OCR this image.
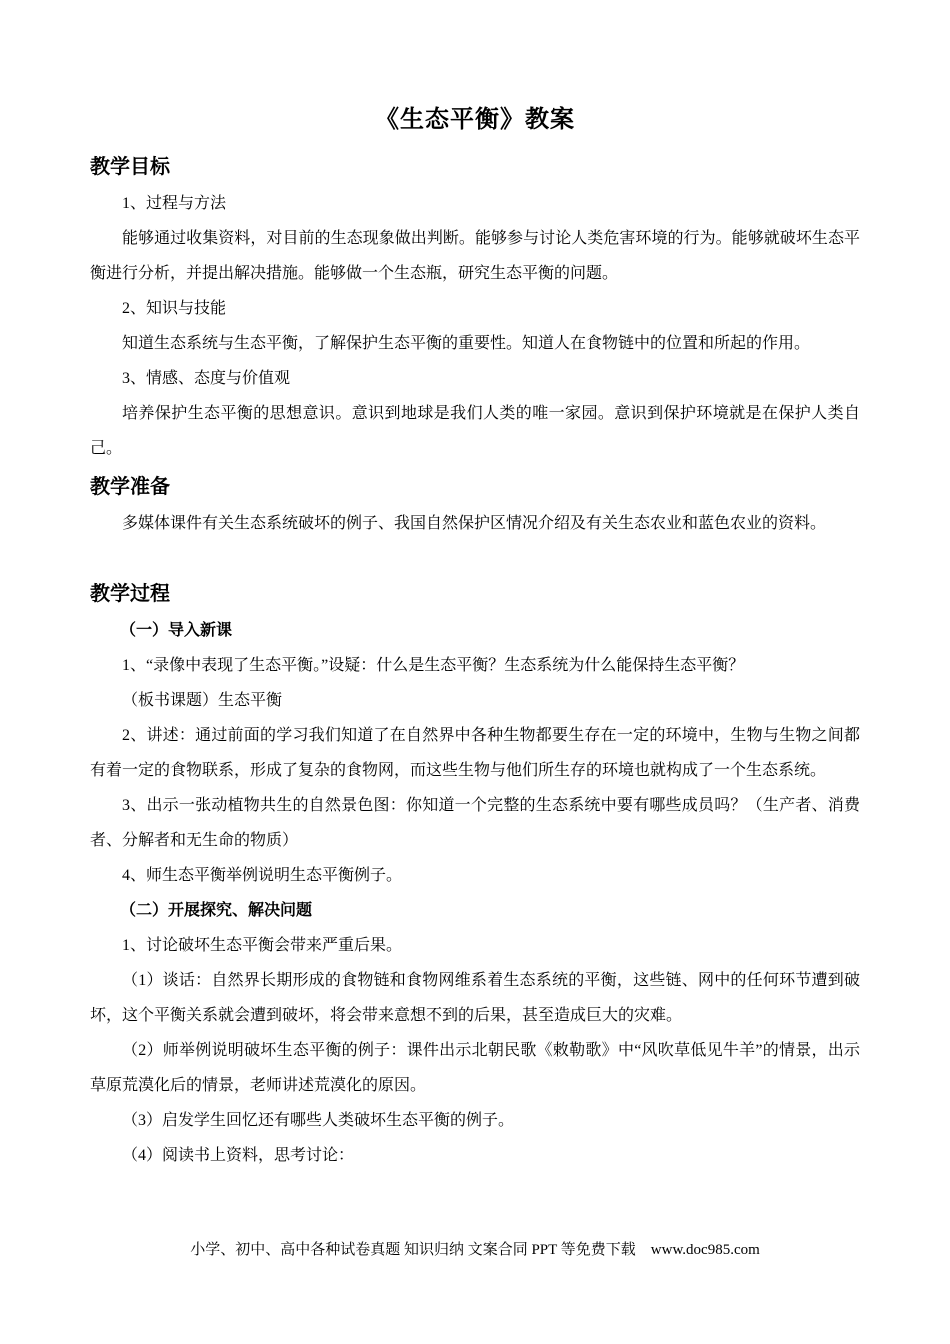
《生态平衡》教案
教学目标

1、过程与方法

能够通过收集资料，对目前的生态现象做出判断。能够参与讨论人类危害环境的行为。能够就破坏生态平衡进行分析，并提出解决措施。能够做一个生态瓶，研究生态平衡的问题。

2、知识与技能

知道生态系统与生态平衡，了解保护生态平衡的重要性。知道人在食物链中的位置和所起的作用。

3、情感、态度与价值观

培养保护生态平衡的思想意识。意识到地球是我们人类的唯一家园。意识到保护环境就是在保护人类自己。

教学准备

多媒体课件有关生态系统破坏的例子、我国自然保护区情况介绍及有关生态农业和蓝色农业的资料。

教学过程

（一）导入新课

1、“录像中表现了生态平衡。”设疑：什么是生态平衡？生态系统为什么能保持生态平衡？

（板书课题）生态平衡

2、讲述：通过前面的学习我们知道了在自然界中各种生物都要生存在一定的环境中，生物与生物之间都有着一定的食物联系，形成了复杂的食物网，而这些生物与他们所生存的环境也就构成了一个生态系统。

3、出示一张动植物共生的自然景色图：你知道一个完整的生态系统中要有哪些成员吗？（生产者、消费者、分解者和无生命的物质）

4、师生态平衡举例说明生态平衡例子。

（二）开展探究、解决问题

1、讨论破坏生态平衡会带来严重后果。

（1）谈话：自然界长期形成的食物链和食物网维系着生态系统的平衡，这些链、网中的任何环节遭到破坏，这个平衡关系就会遭到破坏，将会带来意想不到的后果，甚至造成巨大的灾难。

（2）师举例说明破坏生态平衡的例子：课件出示北朝民歌《敕勒歌》中“风吹草低见牛羊”的情景，出示草原荒漠化后的情景，老师讲述荒漠化的原因。

（3）启发学生回忆还有哪些人类破坏生态平衡的例子。

（4）阅读书上资料，思考讨论：

小学、初中、高中各种试卷真题 知识归纳 文案合同 PPT 等免费下载　www.doc985.com
